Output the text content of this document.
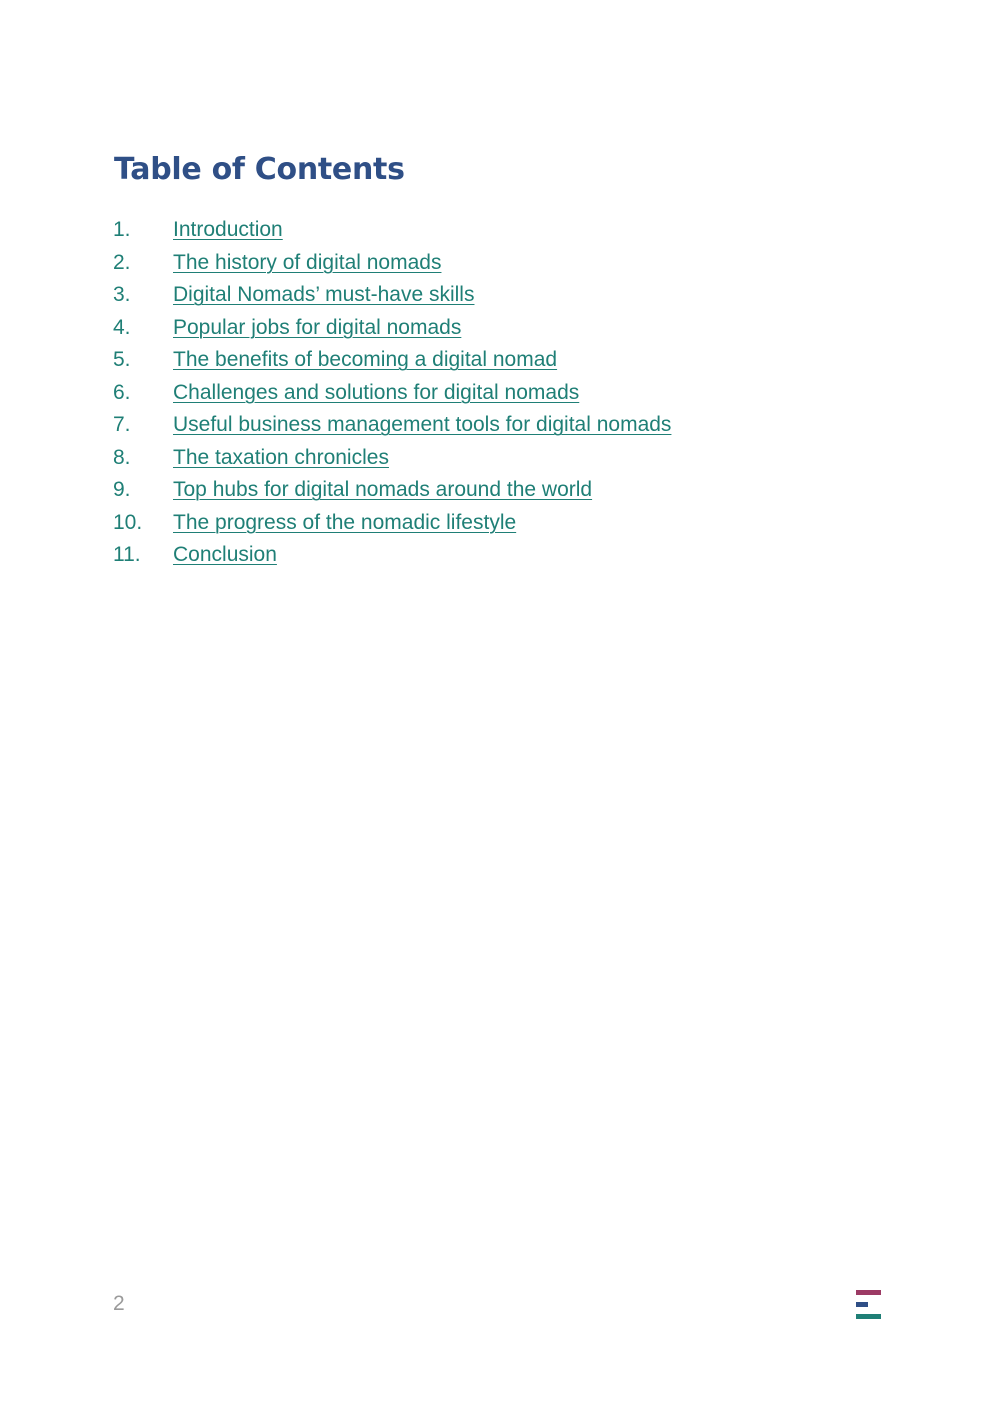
Table of Contents
1.	Introduction
2.	The history of digital nomads
3.	Digital Nomads’ must-have skills
4.	Popular jobs for digital nomads
5.	The benefits of becoming a digital nomad
6.	Challenges and solutions for digital nomads
7.	Useful business management tools for digital nomads
8.	The taxation chronicles
9.	Top hubs for digital nomads around the world
10.	The progress of the nomadic lifestyle
11.	Conclusion
2
